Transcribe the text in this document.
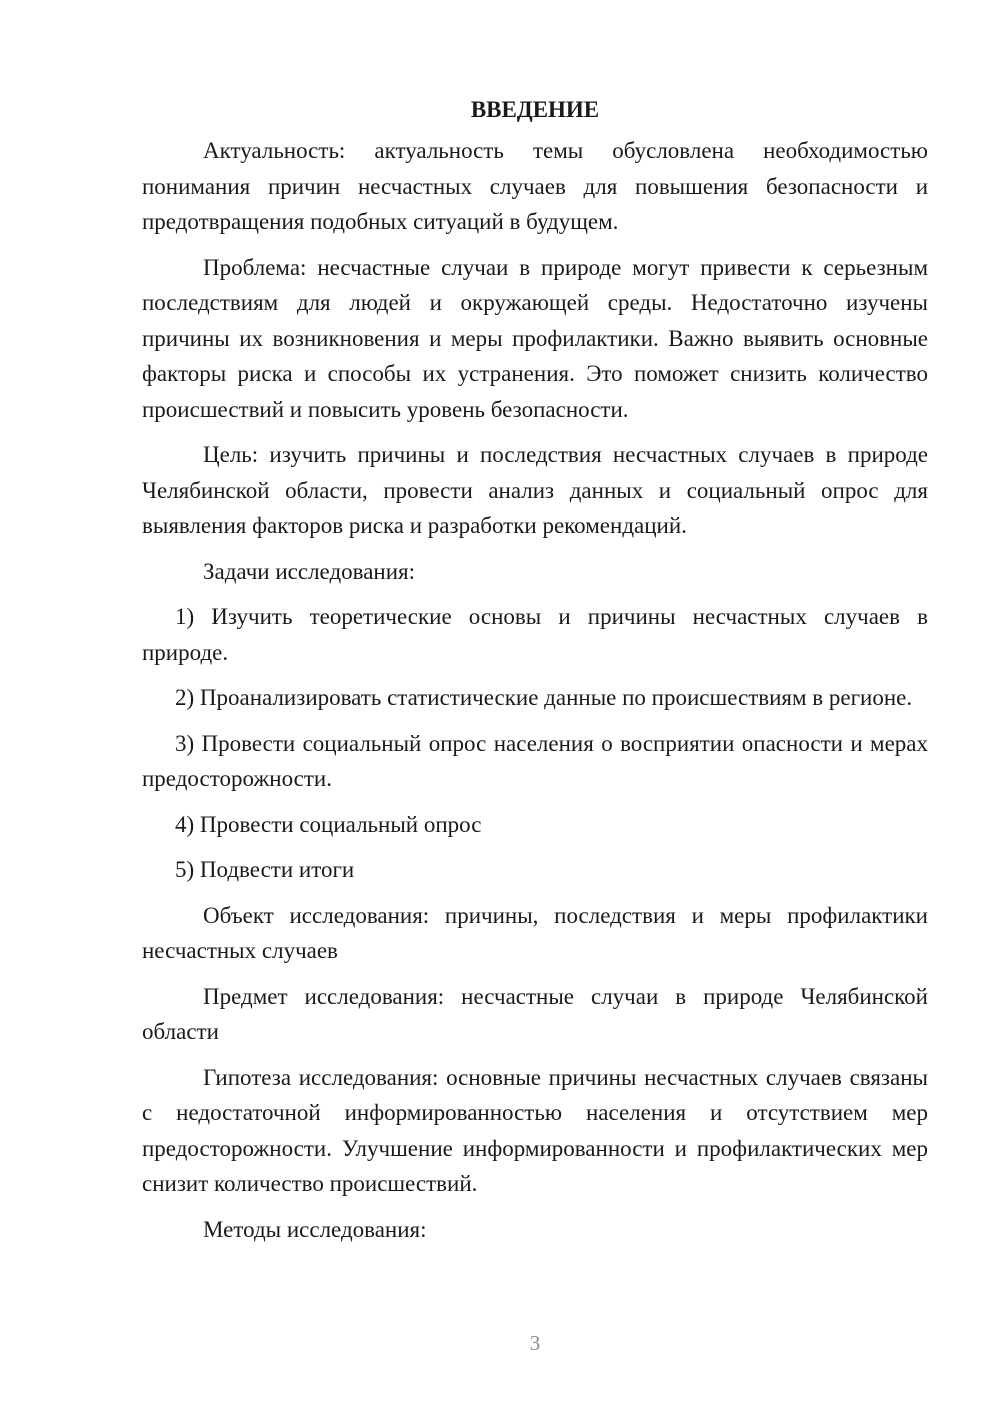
ВВЕДЕНИЕ

Актуальность: актуальность темы обусловлена необходимостью понимания причин несчастных случаев для повышения безопасности и предотвращения подобных ситуаций в будущем.

Проблема: несчастные случаи в природе могут привести к серьезным последствиям для людей и окружающей среды. Недостаточно изучены причины их возникновения и меры профилактики. Важно выявить основные факторы риска и способы их устранения. Это поможет снизить количество происшествий и повысить уровень безопасности.

Цель: изучить причины и последствия несчастных случаев в природе Челябинской области, провести анализ данных и социальный опрос для выявления факторов риска и разработки рекомендаций.

Задачи исследования:

1) Изучить теоретические основы и причины несчастных случаев в природе.

2) Проанализировать статистические данные по происшествиям в регионе.

3) Провести социальный опрос населения о восприятии опасности и мерах предосторожности.

4) Провести социальный опрос

5) Подвести итоги

Объект исследования: причины, последствия и меры профилактики несчастных случаев

Предмет исследования: несчастные случаи в природе Челябинской области

Гипотеза исследования: основные причины несчастных случаев связаны с недостаточной информированностью населения и отсутствием мер предосторожности. Улучшение информированности и профилактических мер снизит количество происшествий.

Методы исследования:

3
